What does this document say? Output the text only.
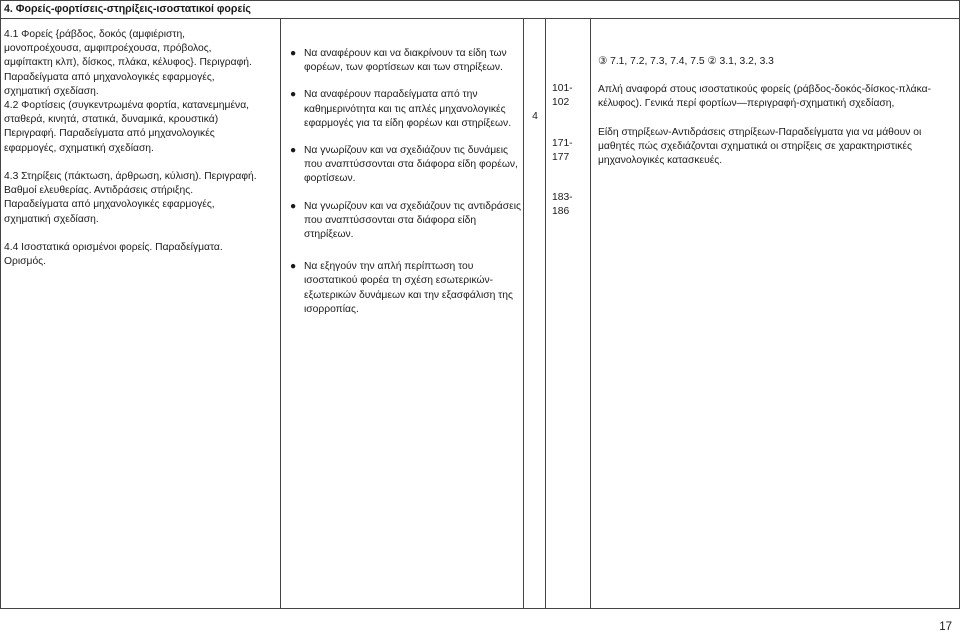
4. Φορείς-φορτίσεις-στηρίξεις-ισοστατικοί φορείς
4.1 Φορείς {ράβδος, δοκός (αμφιέριστη,
μονοπροέχουσα, αμφιπροέχουσα, πρόβολος,
αμφίπακτη κλπ), δίσκος, πλάκα, κέλυφος}. Περιγραφή.
Παραδείγματα από μηχανολογικές εφαρμογές,
σχηματική σχεδίαση.
4.2 Φορτίσεις (συγκεντρωμένα φορτία, κατανεμημένα,
σταθερά, κινητά, στατικά, δυναμικά, κρουστικά)
Περιγραφή. Παραδείγματα από μηχανολογικές
εφαρμογές, σχηματική σχεδίαση.
4.3 Στηρίξεις (πάκτωση, άρθρωση, κύλιση). Περιγραφή.
Βαθμοί ελευθερίας. Αντιδράσεις στήριξης.
Παραδείγματα από μηχανολογικές εφαρμογές,
σχηματική σχεδίαση.
4.4 Ισοστατικά ορισμένοι φορείς. Παραδείγματα.
Ορισμός.
● Να αναφέρουν και να διακρίνουν τα είδη των φορέων, των φορτίσεων και των στηρίξεων.
● Να αναφέρουν παραδείγματα από την καθημερινότητα και τις απλές μηχανολογικές εφαρμογές για τα είδη φορέων και στηρίξεων.
● Να γνωρίζουν και να σχεδιάζουν τις δυνάμεις που αναπτύσσονται στα διάφορα είδη φορέων, φορτίσεων.
● Να γνωρίζουν και να σχεδιάζουν τις αντιδράσεις που αναπτύσσονται στα διάφορα είδη στηρίξεων.
● Να εξηγούν την απλή περίπτωση του ισοστατικού φορέα τη σχέση εσωτερικών-εξωτερικών δυνάμεων και την εξασφάλιση της ισορροπίας.
4
101-
102
171-
177
183-
186
③ 7.1, 7.2, 7.3, 7.4, 7.5 ② 3.1, 3.2, 3.3
Απλή αναφορά στους ισοστατικούς φορείς (ράβδος-δοκός-δίσκος-πλάκα-κέλυφος). Γενικά περί φορτίων—περιγραφή-σχηματική σχεδίαση,
Είδη στηρίξεων-Αντιδράσεις στηρίξεων-Παραδείγματα για να μάθουν οι μαθητές πώς σχεδιάζονται σχηματικά οι στηρίξεις σε χαρακτηριστικές μηχανολογικές κατασκευές.
17
